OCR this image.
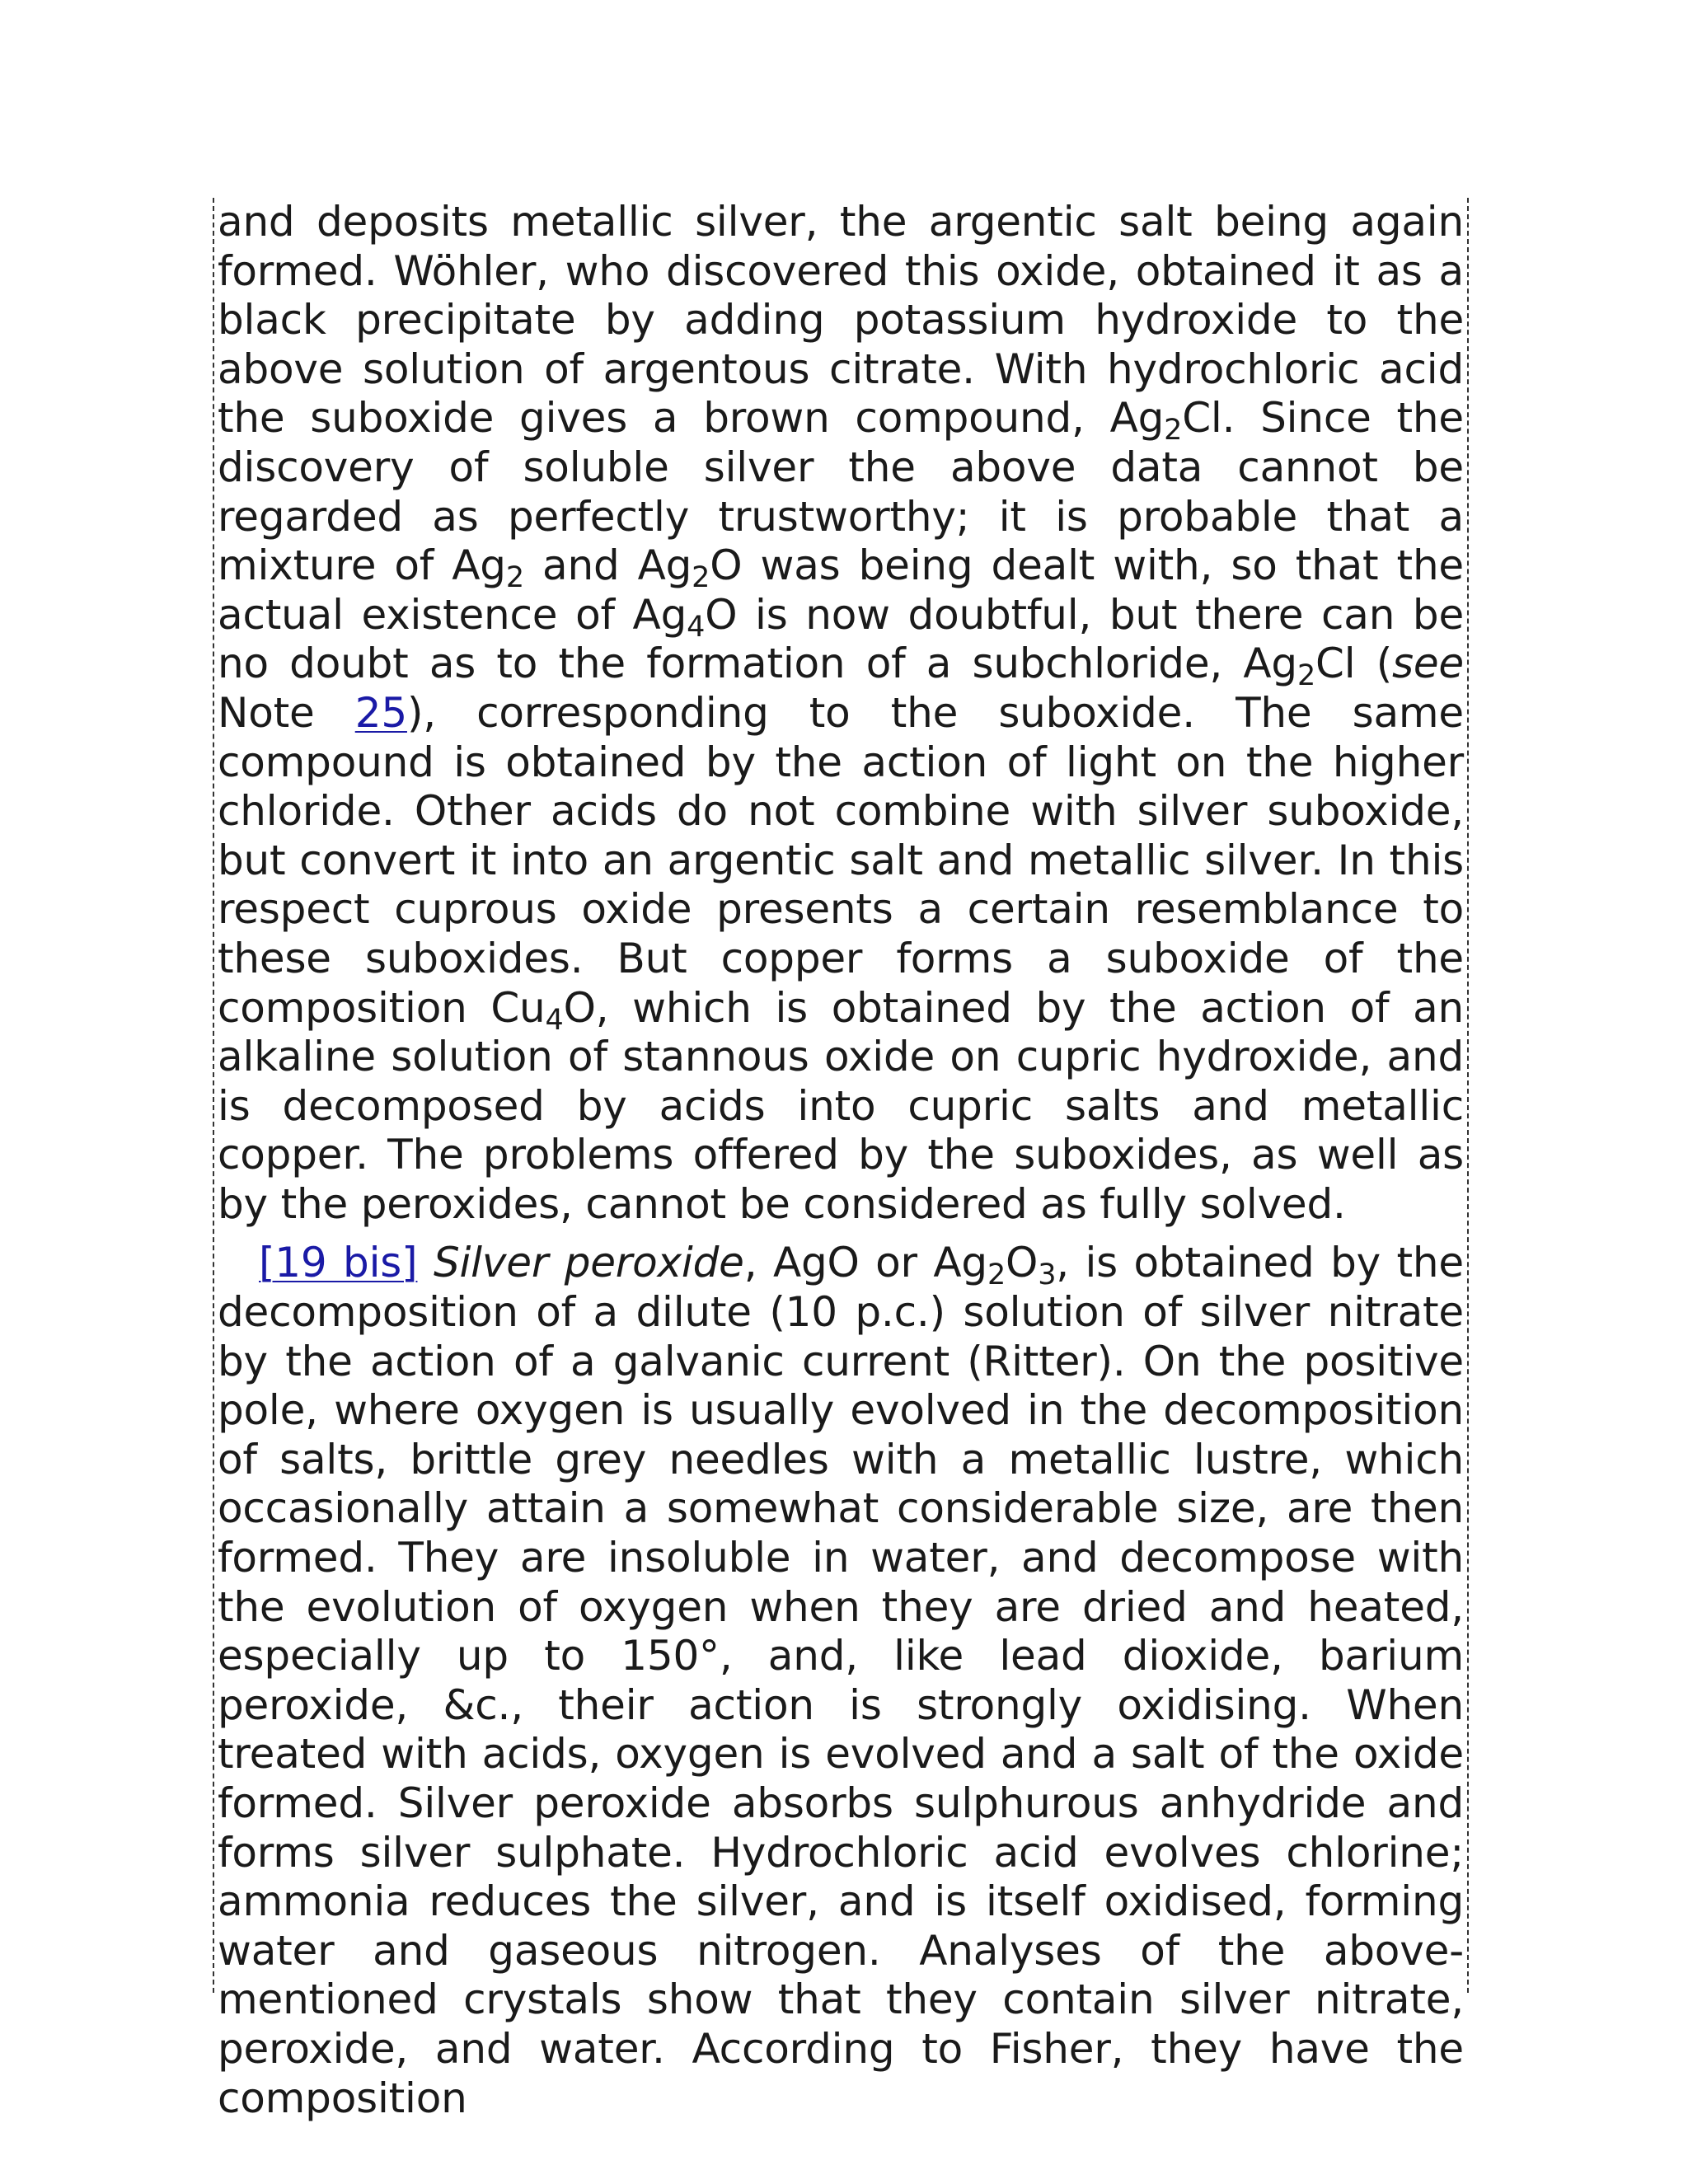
and deposits metallic silver, the argentic salt being again formed. Wöhler, who discovered this oxide, obtained it as a black precipitate by adding potassium hydroxide to the above solution of argentous citrate. With hydrochloric acid the suboxide gives a brown compound, $Ag_2Cl$. Since the discovery of soluble silver the above data cannot be regarded as perfectly trustworthy; it is probable that a mixture of $Ag_2$ and $Ag_2O$ was being dealt with, so that the actual existence of $Ag_4O$ is now doubtful, but there can be no doubt as to the formation of a subchloride, $Ag_2Cl$ (see Note 25), corresponding to the suboxide. The same compound is obtained by the action of light on the higher chloride. Other acids do not combine with silver suboxide, but convert it into an argentic salt and metallic silver. In this respect cuprous oxide presents a certain resemblance to these suboxides. But copper forms a suboxide of the composition $Cu_4O$, which is obtained by the action of an alkaline solution of stannous oxide on cupric hydroxide, and is decomposed by acids into cupric salts and metallic copper. The problems offered by the suboxides, as well as by the peroxides, cannot be considered as fully solved.

[19 bis] Silver peroxide, AgO or $Ag_2O_3$, is obtained by the decomposition of a dilute (10 p.c.) solution of silver nitrate by the action of a galvanic current (Ritter). On the positive pole, where oxygen is usually evolved in the decomposition of salts, brittle grey needles with a metallic lustre, which occasionally attain a somewhat considerable size, are then formed. They are insoluble in water, and decompose with the evolution of oxygen when they are dried and heated, especially up to 150°, and, like lead dioxide, barium peroxide, &c., their action is strongly oxidising. When treated with acids, oxygen is evolved and a salt of the oxide formed. Silver peroxide absorbs sulphurous anhydride and forms silver sulphate. Hydrochloric acid evolves chlorine; ammonia reduces the silver, and is itself oxidised, forming water and gaseous nitrogen. Analyses of the above-mentioned crystals show that they contain silver nitrate, peroxide, and water. According to Fisher, they have the composition
